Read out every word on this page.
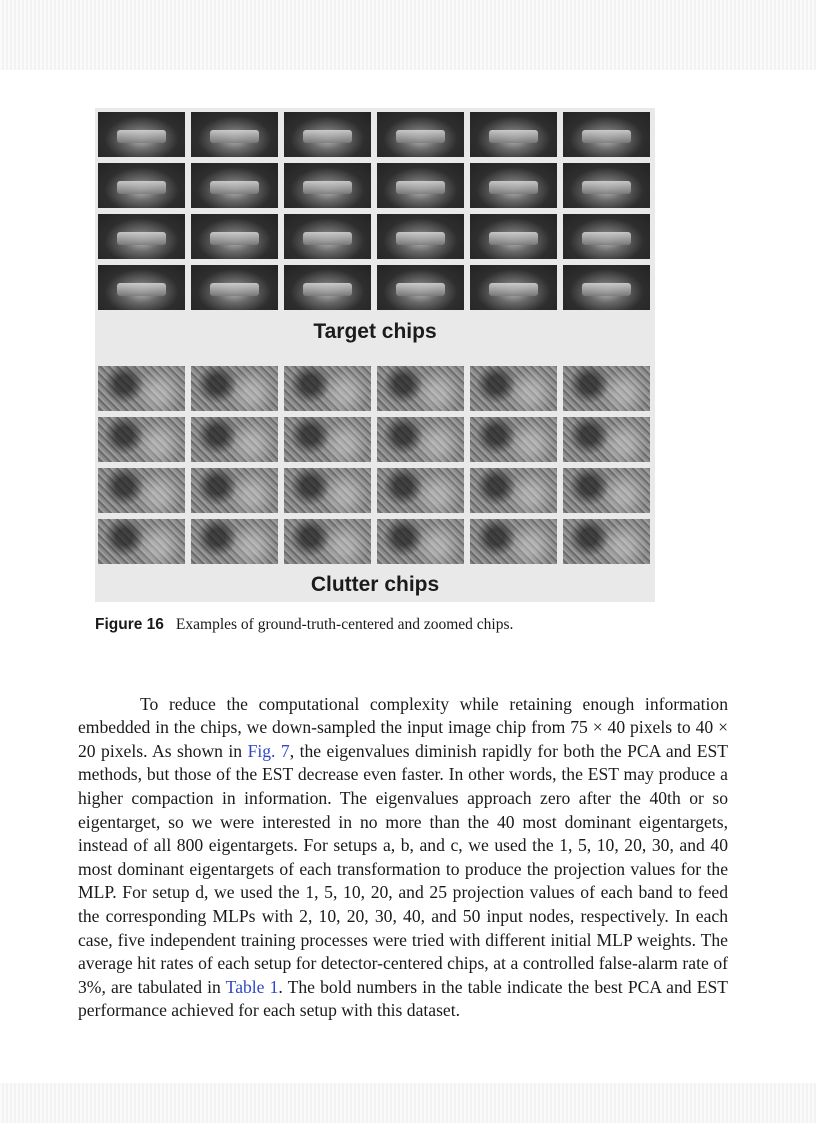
Target chips
Clutter chips
Figure 16 Examples of ground-truth-centered and zoomed chips.

To reduce the computational complexity while retaining enough information embedded in the chips, we down-sampled the input image chip from 75 × 40 pixels to 40 × 20 pixels. As shown in Fig. 7, the eigenvalues diminish rapidly for both the PCA and EST methods, but those of the EST decrease even faster. In other words, the EST may produce a higher compaction in information. The eigenvalues approach zero after the 40th or so eigentarget, so we were interested in no more than the 40 most dominant eigentargets, instead of all 800 eigentargets. For setups a, b, and c, we used the 1, 5, 10, 20, 30, and 40 most dominant eigentargets of each transformation to produce the projection values for the MLP. For setup d, we used the 1, 5, 10, 20, and 25 projection values of each band to feed the corresponding MLPs with 2, 10, 20, 30, 40, and 50 input nodes, respectively. In each case, five independent training processes were tried with different initial MLP weights. The average hit rates of each setup for detector-centered chips, at a controlled false-alarm rate of 3%, are tabulated in Table 1. The bold numbers in the table indicate the best PCA and EST performance achieved for each setup with this dataset.
